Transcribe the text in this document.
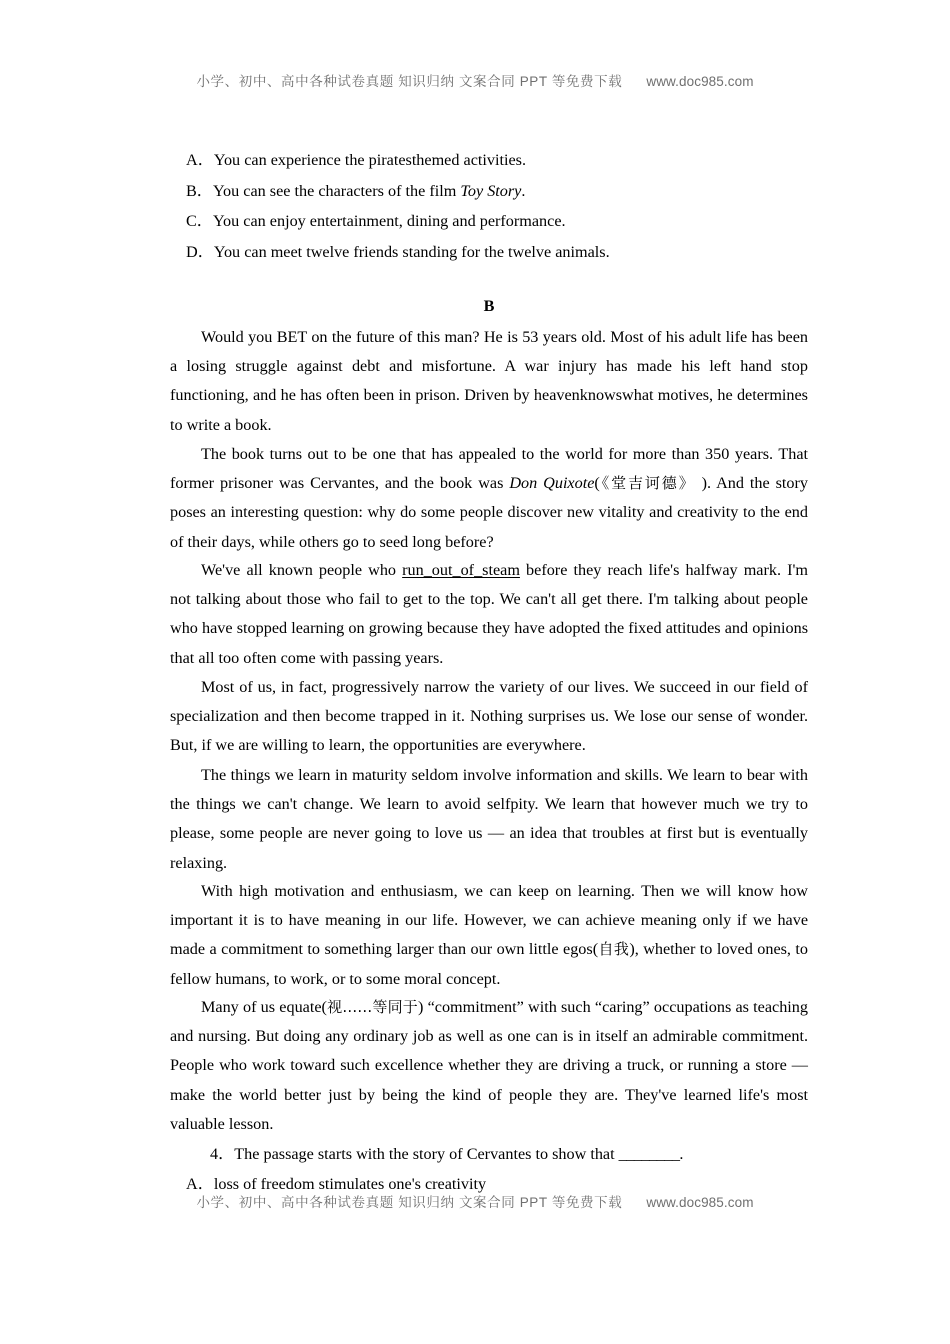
小学、初中、高中各种试卷真题 知识归纳 文案合同 PPT 等免费下载 www.doc985.com
A．You can experience the piratesthemed activities.
B．You can see the characters of the film Toy Story.
C．You can enjoy entertainment, dining and performance.
D．You can meet twelve friends standing for the twelve animals.
B

Would you BET on the future of this man? He is 53 years old. Most of his adult life has been a losing struggle against debt and misfortune. A war injury has made his left hand stop functioning, and he has often been in prison. Driven by heavenknowswhat motives, he determines to write a book.

The book turns out to be one that has appealed to the world for more than 350 years. That former prisoner was Cervantes, and the book was Don Quixote(《堂吉诃德》 ). And the story poses an interesting question: why do some people discover new vitality and creativity to the end of their days, while others go to seed long before?

We've all known people who run_out_of_steam before they reach life's halfway mark. I'm not talking about those who fail to get to the top. We can't all get there. I'm talking about people who have stopped learning on growing because they have adopted the fixed attitudes and opinions that all too often come with passing years.

Most of us, in fact, progressively narrow the variety of our lives. We succeed in our field of specialization and then become trapped in it. Nothing surprises us. We lose our sense of wonder. But, if we are willing to learn, the opportunities are everywhere.

The things we learn in maturity seldom involve information and skills. We learn to bear with the things we can't change. We learn to avoid selfpity. We learn that however much we try to please, some people are never going to love us — an idea that troubles at first but is eventually relaxing.

With high motivation and enthusiasm, we can keep on learning. Then we will know how important it is to have meaning in our life. However, we can achieve meaning only if we have made a commitment to something larger than our own little egos(自我), whether to loved ones, to fellow humans, to work, or to some moral concept.

Many of us equate(视……等同于) “commitment” with such “caring” occupations as teaching and nursing. But doing any ordinary job as well as one can is in itself an admirable commitment. People who work toward such excellence whether they are driving a truck, or running a store — make the world better just by being the kind of people they are. They've learned life's most valuable lesson.

4．The passage starts with the story of Cervantes to show that ________.
A．loss of freedom stimulates one's creativity
小学、初中、高中各种试卷真题 知识归纳 文案合同 PPT 等免费下载 www.doc985.com
